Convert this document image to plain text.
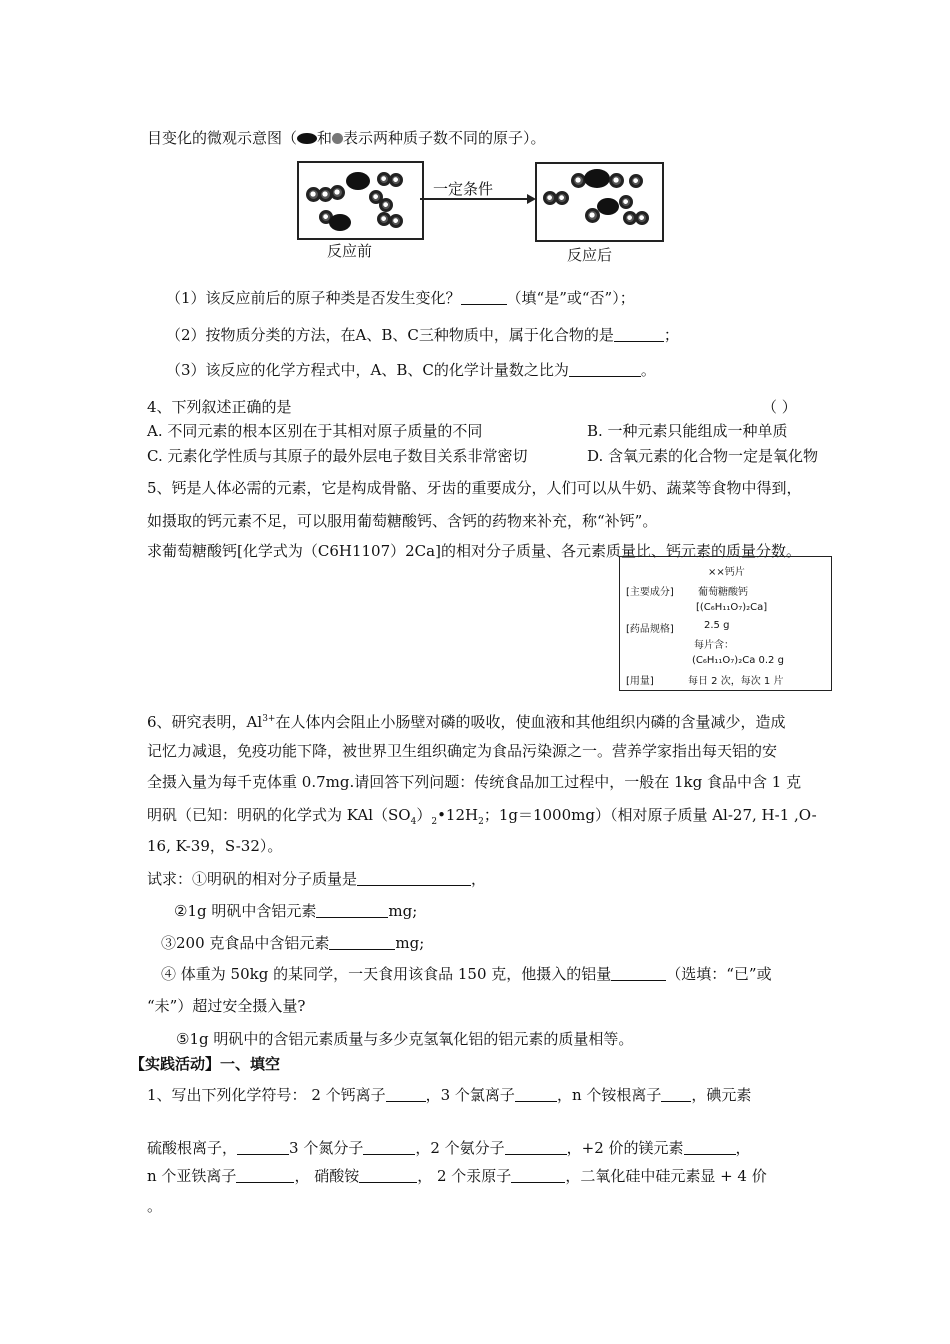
目变化的微观示意图（ 和 表示两种质子数不同的原子）。
一定条件
反应前	反应后
（1）该反应前后的原子种类是否发生变化？	（填“是”或“否”）；
（2）按物质分类的方法，在A、B、C三种物质中，属于化合物的是	；
（3）该反应的化学方程式中，A、B、C的化学计量数之比为	。
4、下列叙述正确的是	（ ）
A. 不同元素的根本区别在于其相对原子质量的不同	B. 一种元素只能组成一种单质
C. 元素化学性质与其原子的最外层电子数目关系非常密切	D. 含氧元素的化合物一定是氧化物
5、钙是人体必需的元素，它是构成骨骼、牙齿的重要成分，人们可以从牛奶、蔬菜等食物中得到，
如摄取的钙元素不足，可以服用葡萄糖酸钙、含钙的药物来补充，称“补钙”。
求葡萄糖酸钙[化学式为（C6H1107）2Ca]的相对分子质量、各元素质量比、钙元素的质量分数。
××钙片
[主要成分] 葡萄糖酸钙
[(C₆H₁₁O₇)₂Ca]
[药品规格]	2.5 g
每片含：
(C₆H₁₁O₇)₂Ca 0.2 g
[用量]	每日 2 次，每次 1 片
6、研究表明，$Al^{3+}$在人体内会阻止小肠壁对磷的吸收，使血液和其他组织内磷的含量减少，造成
记忆力减退，免疫功能下降，被世界卫生组织确定为食品污染源之一。营养学家指出每天铝的安
全摄入量为每千克体重 0.7mg.请回答下列问题：传统食品加工过程中，一般在 1kg 食品中含 1 克
明矾（已知：明矾的化学式为 $KAl(SO_4)_2•12H_2$；1g＝1000mg）（相对原子质量 Al-27, H-1 ,O-
16, K-39，S-32）。
试求：①明矾的相对分子质量是	，
②1g 明矾中含铝元素	mg;
③200 克食品中含铝元素	mg;
④ 体重为 50kg 的某同学，一天食用该食品 150 克，他摄入的铝量	（选填：“已”或
“未”）超过安全摄入量?
⑤1g 明矾中的含铝元素质量与多少克氢氧化铝的铝元素的质量相等。
【实践活动】一、填空
1、写出下列化学符号： 2 个钙离子	，3 个氯离子	，n 个铵根离子 ，碘元素
硫酸根离子，	3 个氮分子	，2 个氨分子	，+2 价的镁元素	，
n 个亚铁离子	， 硝酸铵	， 2 个汞原子	，二氧化硅中硅元素显 + 4 价
。
